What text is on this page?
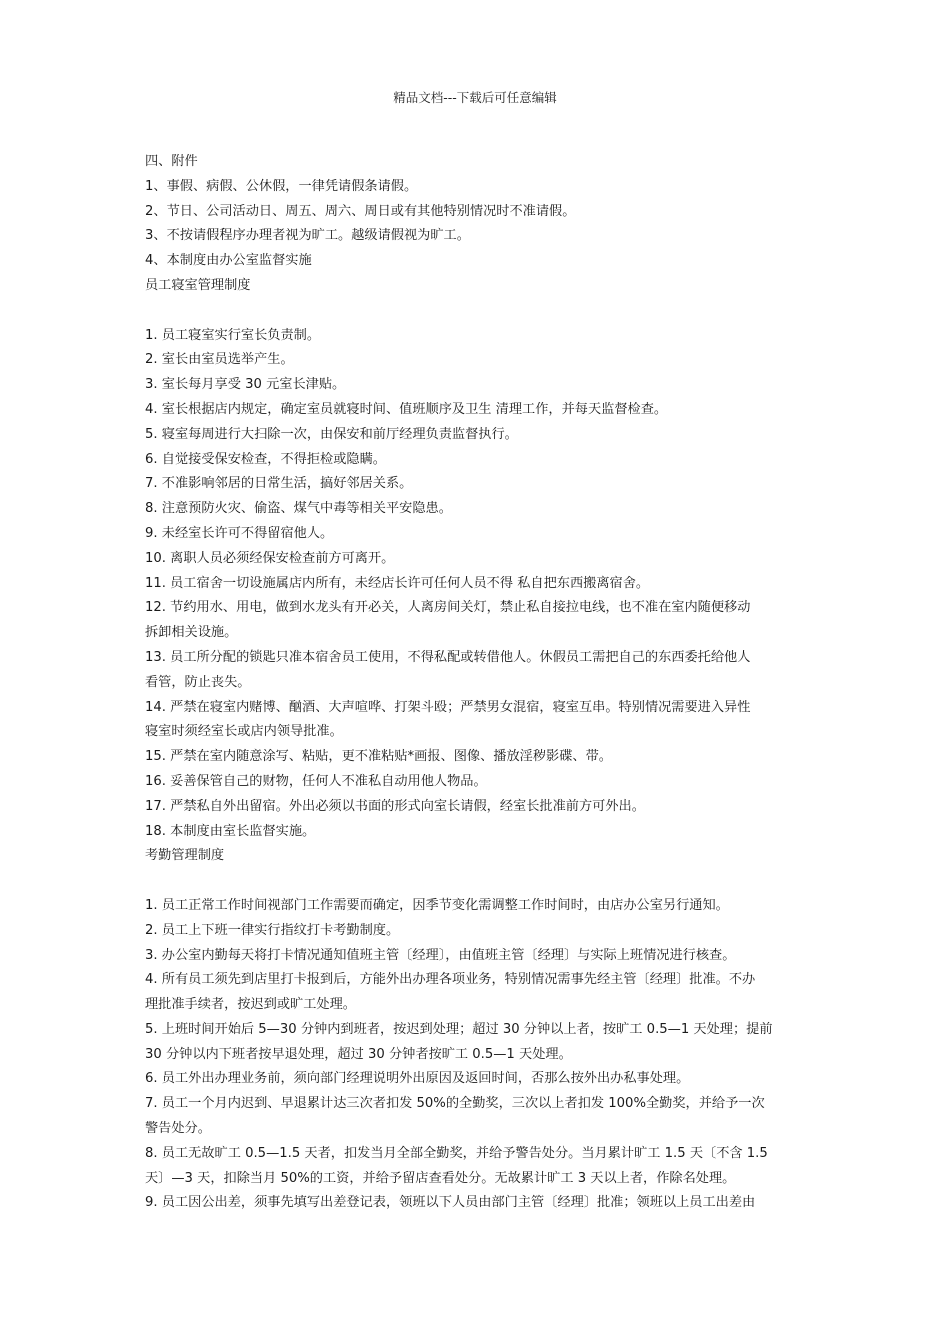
精品文档---下载后可任意编辑
四、附件
1、事假、病假、公休假，一律凭请假条请假。
2、节日、公司活动日、周五、周六、周日或有其他特别情况时不准请假。
3、不按请假程序办理者视为旷工。越级请假视为旷工。
4、本制度由办公室监督实施
员工寝室管理制度
1. 员工寝室实行室长负责制。
2. 室长由室员选举产生。
3. 室长每月享受 30 元室长津贴。
4. 室长根据店内规定，确定室员就寝时间、值班顺序及卫生 清理工作，并每天监督检查。
5. 寝室每周进行大扫除一次，由保安和前厅经理负责监督执行。
6. 自觉接受保安检查，不得拒检或隐瞒。
7. 不准影响邻居的日常生活，搞好邻居关系。
8. 注意预防火灾、偷盗、煤气中毒等相关平安隐患。
9. 未经室长许可不得留宿他人。
10. 离职人员必须经保安检查前方可离开。
11. 员工宿舍一切设施属店内所有，未经店长许可任何人员不得 私自把东西搬离宿舍。
12. 节约用水、用电，做到水龙头有开必关，人离房间关灯，禁止私自接拉电线，也不准在室内随便移动
拆卸相关设施。
13. 员工所分配的锁匙只准本宿舍员工使用，不得私配或转借他人。休假员工需把自己的东西委托给他人
看管，防止丧失。
14. 严禁在寝室内赌博、酗酒、大声喧哗、打架斗殴；严禁男女混宿，寝室互串。特别情况需要进入异性
寝室时须经室长或店内领导批准。
15. 严禁在室内随意涂写、粘贴，更不准粘贴*画报、图像、播放淫秽影碟、带。
16. 妥善保管自己的财物，任何人不准私自动用他人物品。
17. 严禁私自外出留宿。外出必须以书面的形式向室长请假，经室长批准前方可外出。
18. 本制度由室长监督实施。
考勤管理制度
1. 员工正常工作时间视部门工作需要而确定，因季节变化需调整工作时间时，由店办公室另行通知。
2. 员工上下班一律实行指纹打卡考勤制度。
3. 办公室内勤每天将打卡情况通知值班主管〔经理〕，由值班主管〔经理〕与实际上班情况进行核查。
4. 所有员工须先到店里打卡报到后，方能外出办理各项业务，特别情况需事先经主管〔经理〕批准。不办
理批准手续者，按迟到或旷工处理。
5. 上班时间开始后 5—30 分钟内到班者，按迟到处理；超过 30 分钟以上者，按旷工 0.5—1 天处理；提前
30 分钟以内下班者按早退处理，超过 30 分钟者按旷工 0.5—1 天处理。
6. 员工外出办理业务前，须向部门经理说明外出原因及返回时间，否那么按外出办私事处理。
7. 员工一个月内迟到、早退累计达三次者扣发 50%的全勤奖，三次以上者扣发 100%全勤奖，并给予一次
警告处分。
8. 员工无故旷工 0.5—1.5 天者，扣发当月全部全勤奖，并给予警告处分。当月累计旷工 1.5 天〔不含 1.5
天〕—3 天，扣除当月 50%的工资，并给予留店查看处分。无故累计旷工 3 天以上者，作除名处理。
9. 员工因公出差，须事先填写出差登记表，领班以下人员由部门主管〔经理〕批准；领班以上员工出差由
